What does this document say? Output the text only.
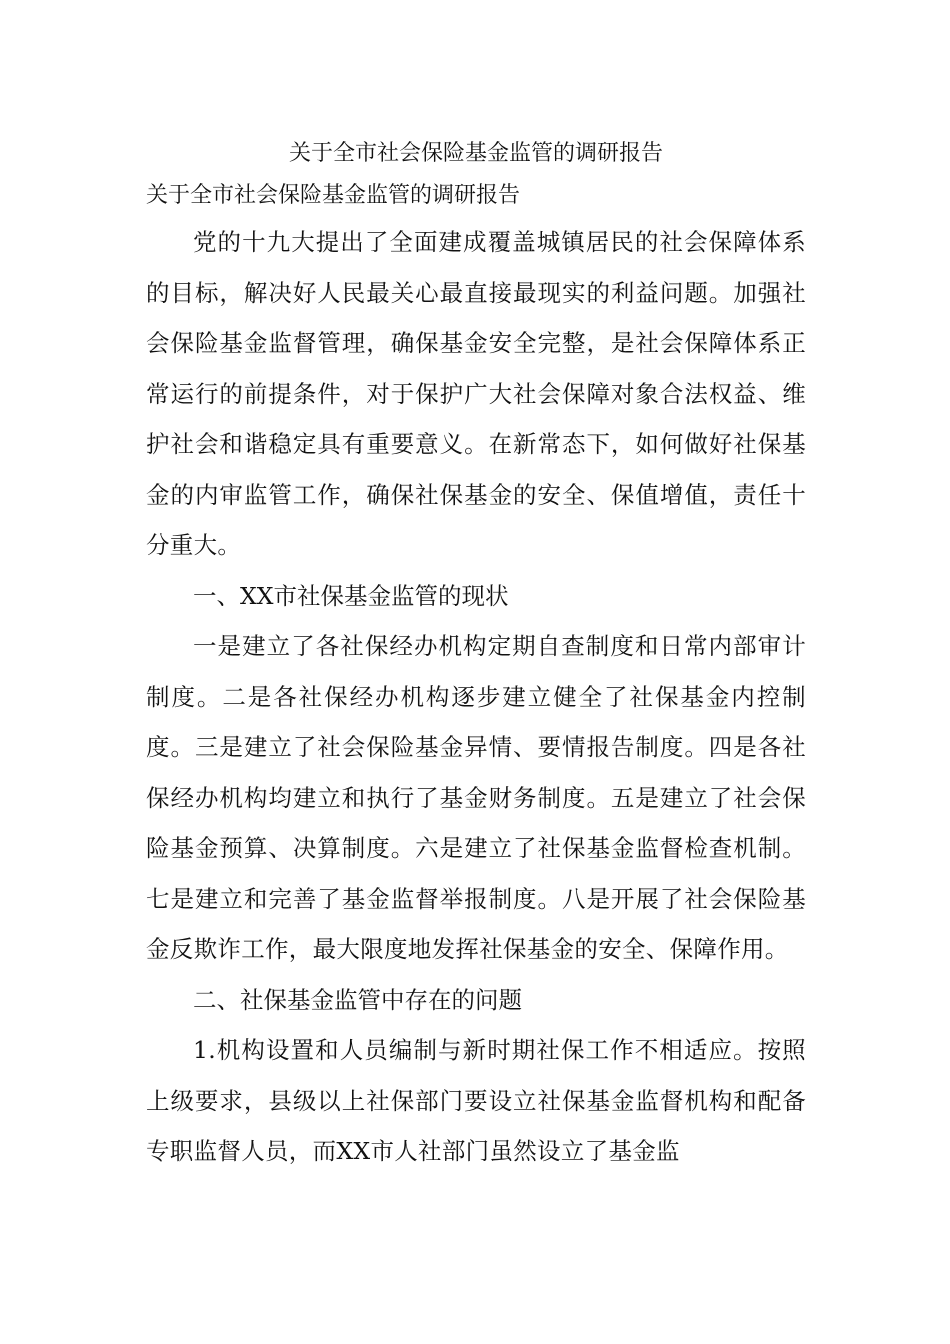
关于全市社会保险基金监管的调研报告

关于全市社会保险基金监管的调研报告

党的十九大提出了全面建成覆盖城镇居民的社会保障体系的目标，解决好人民最关心最直接最现实的利益问题。加强社会保险基金监督管理，确保基金安全完整，是社会保障体系正常运行的前提条件，对于保护广大社会保障对象合法权益、维护社会和谐稳定具有重要意义。在新常态下，如何做好社保基金的内审监管工作，确保社保基金的安全、保值增值，责任十分重大。

一、XX市社保基金监管的现状

一是建立了各社保经办机构定期自查制度和日常内部审计制度。二是各社保经办机构逐步建立健全了社保基金内控制度。三是建立了社会保险基金异情、要情报告制度。四是各社保经办机构均建立和执行了基金财务制度。五是建立了社会保险基金预算、决算制度。六是建立了社保基金监督检查机制。七是建立和完善了基金监督举报制度。八是开展了社会保险基金反欺诈工作，最大限度地发挥社保基金的安全、保障作用。

二、社保基金监管中存在的问题

1.机构设置和人员编制与新时期社保工作不相适应。按照上级要求，县级以上社保部门要设立社保基金监督机构和配备专职监督人员，而XX市人社部门虽然设立了基金监
